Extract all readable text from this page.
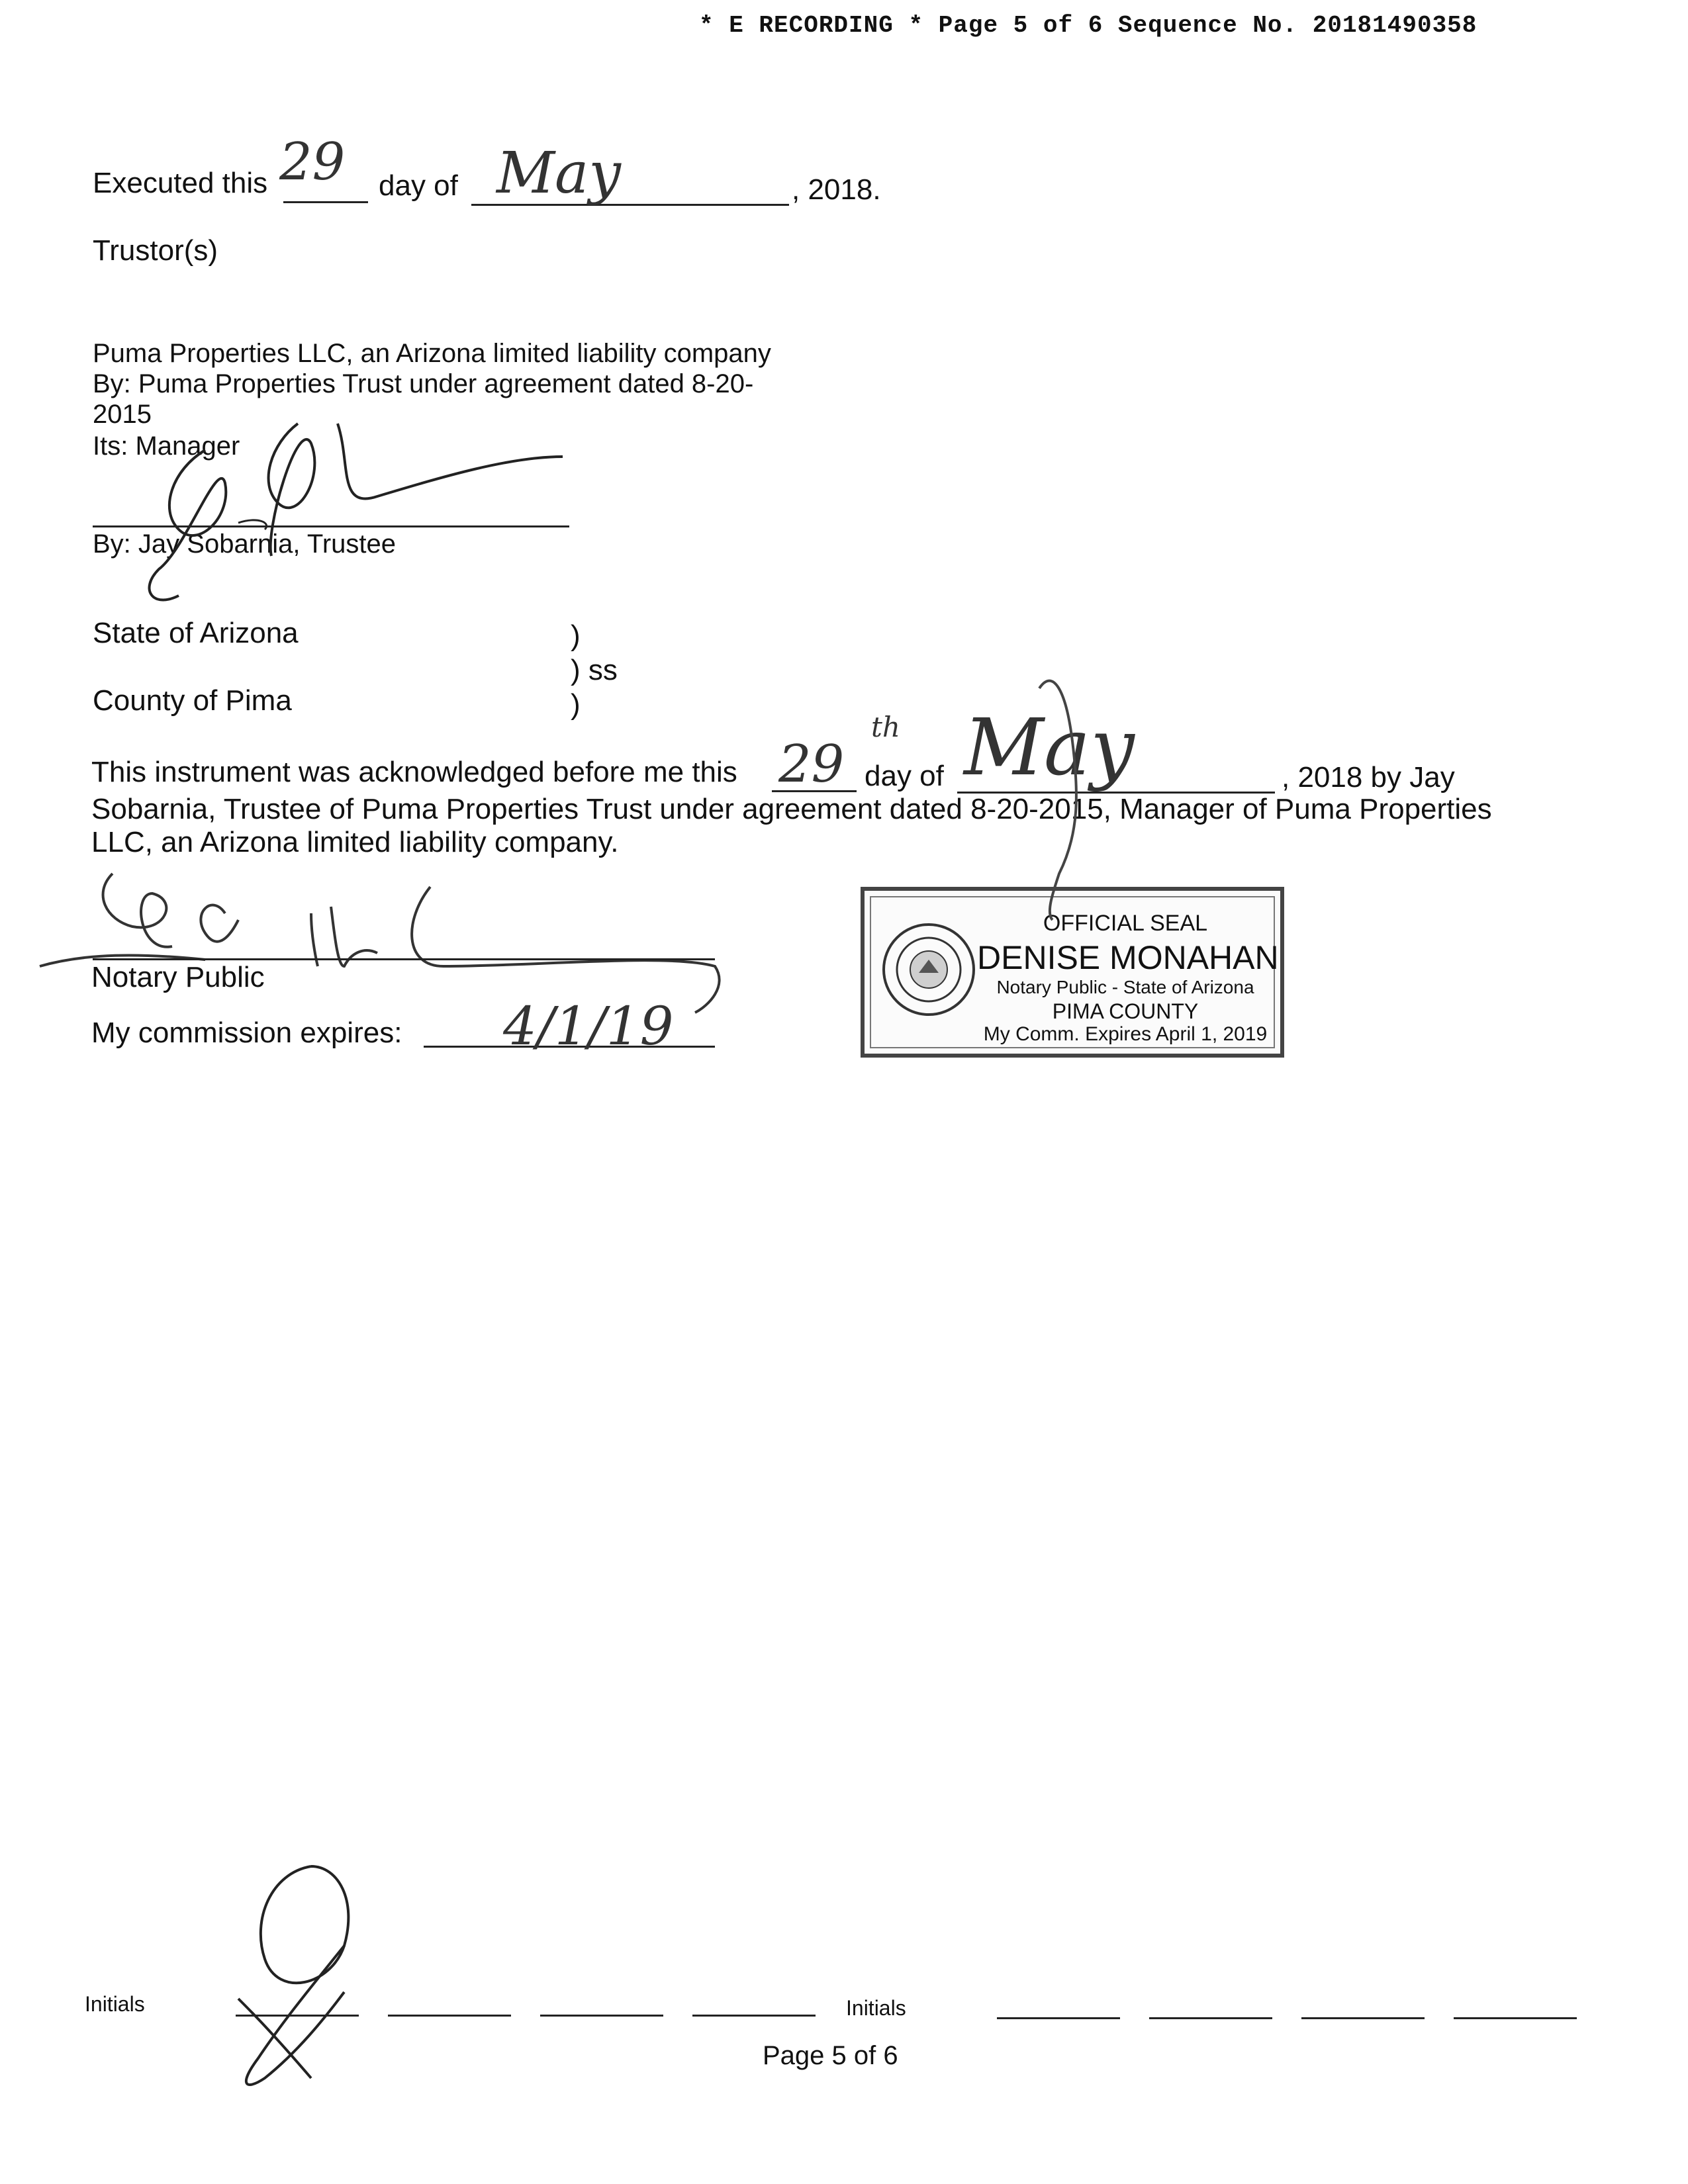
* E RECORDING * Page 5 of 6 Sequence No. 20181490358
Executed this 29 day of May	, 2018.
Trustor(s)
Puma Properties LLC, an Arizona limited liability company
By: Puma Properties Trust under agreement dated 8-20-
2015
Its: Manager
By: Jay Sobarnia, Trustee
State of Arizona	)
) ss
County of Pima	)
This instrument was acknowledged before me this 29
th
day of May	, 2018 by Jay
Sobarnia, Trustee of Puma Properties Trust under agreement dated 8-20-2015, Manager of Puma Properties
LLC, an Arizona limited liability company.
Notary Public
My commission expires: 4/1/19
OFFICIAL SEAL
DENISE MONAHAN
Notary Public - State of Arizona
PIMA COUNTY
My Comm. Expires April 1, 2019
Initials	Initials
Page 5 of 6
